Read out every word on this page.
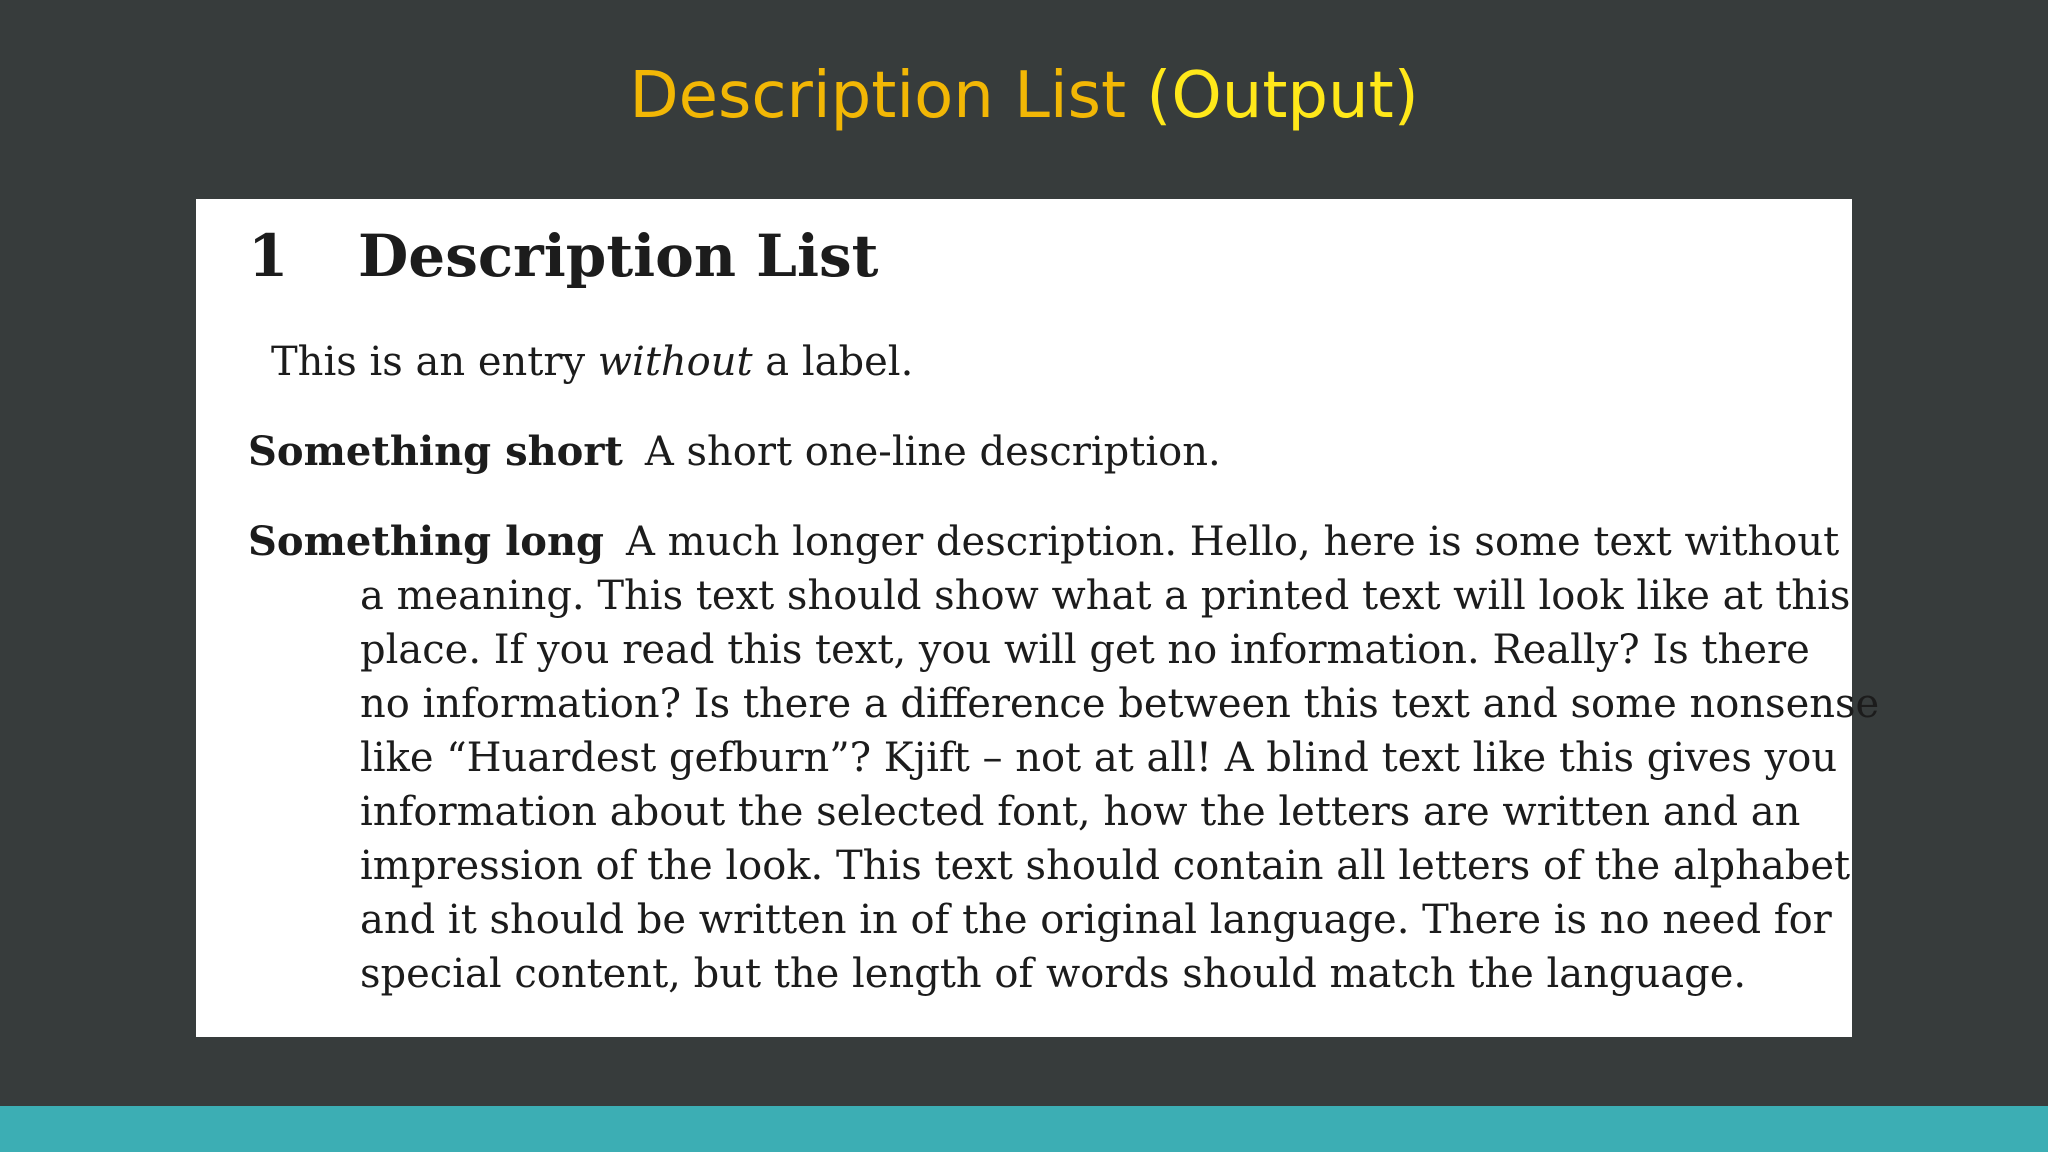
Description List (Output)
1 Description List
This is an entry without a label.
Something short A short one-line description.
Something long A much longer description. Hello, here is some text without
a meaning. This text should show what a printed text will look like at this
place. If you read this text, you will get no information. Really? Is there
no information? Is there a difference between this text and some nonsense
like “Huardest gefburn”? Kjift – not at all! A blind text like this gives you
information about the selected font, how the letters are written and an
impression of the look. This text should contain all letters of the alphabet
and it should be written in of the original language. There is no need for
special content, but the length of words should match the language.
